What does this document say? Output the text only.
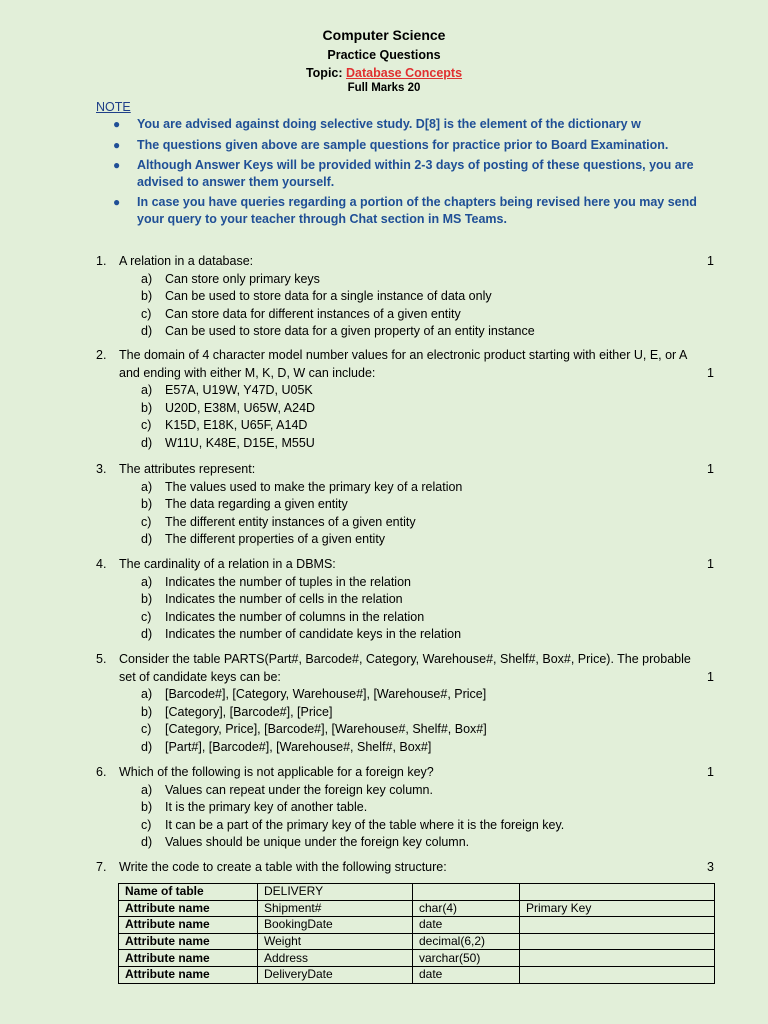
Computer Science
Practice Questions
Topic: Database Concepts
Full Marks 20
NOTE
● You are advised against doing selective study. D[8] is the element of the dictionary w
● The questions given above are sample questions for practice prior to Board Examination.
● Although Answer Keys will be provided within 2-3 days of posting of these questions, you are advised to answer them yourself.
● In case you have queries regarding a portion of the chapters being revised here you may send your query to your teacher through Chat section in MS Teams.
1.	A relation in a database:	1
a) Can store only primary keys
b) Can be used to store data for a single instance of data only
c) Can store data for different instances of a given entity
d) Can be used to store data for a given property of an entity instance
2.	The domain of 4 character model number values for an electronic product starting with either U, E, or A and ending with either M, K, D, W can include:	1
a) E57A, U19W, Y47D, U05K
b) U20D, E38M, U65W, A24D
c) K15D, E18K, U65F, A14D
d) W11U, K48E, D15E, M55U
3.	The attributes represent:	1
a) The values used to make the primary key of a relation
b) The data regarding a given entity
c) The different entity instances of a given entity
d) The different properties of a given entity
4.	The cardinality of a relation in a DBMS:	1
a) Indicates the number of tuples in the relation
b) Indicates the number of cells in the relation
c) Indicates the number of columns in the relation
d) Indicates the number of candidate keys in the relation
5.	Consider the table PARTS(Part#, Barcode#, Category, Warehouse#, Shelf#, Box#, Price). The probable set of candidate keys can be:	1
a) [Barcode#], [Category, Warehouse#], [Warehouse#, Price]
b) [Category], [Barcode#], [Price]
c) [Category, Price], [Barcode#], [Warehouse#, Shelf#, Box#]
d) [Part#], [Barcode#], [Warehouse#, Shelf#, Box#]
6.	Which of the following is not applicable for a foreign key?	1
a) Values can repeat under the foreign key column.
b) It is the primary key of another table.
c) It can be a part of the primary key of the table where it is the foreign key.
d) Values should be unique under the foreign key column.
7.	Write the code to create a table with the following structure:	3
Name of table	DELIVERY		
Attribute name	Shipment#	char(4)	Primary Key
Attribute name	BookingDate	date	
Attribute name	Weight	decimal(6,2)	
Attribute name	Address	varchar(50)	
Attribute name	DeliveryDate	date	
